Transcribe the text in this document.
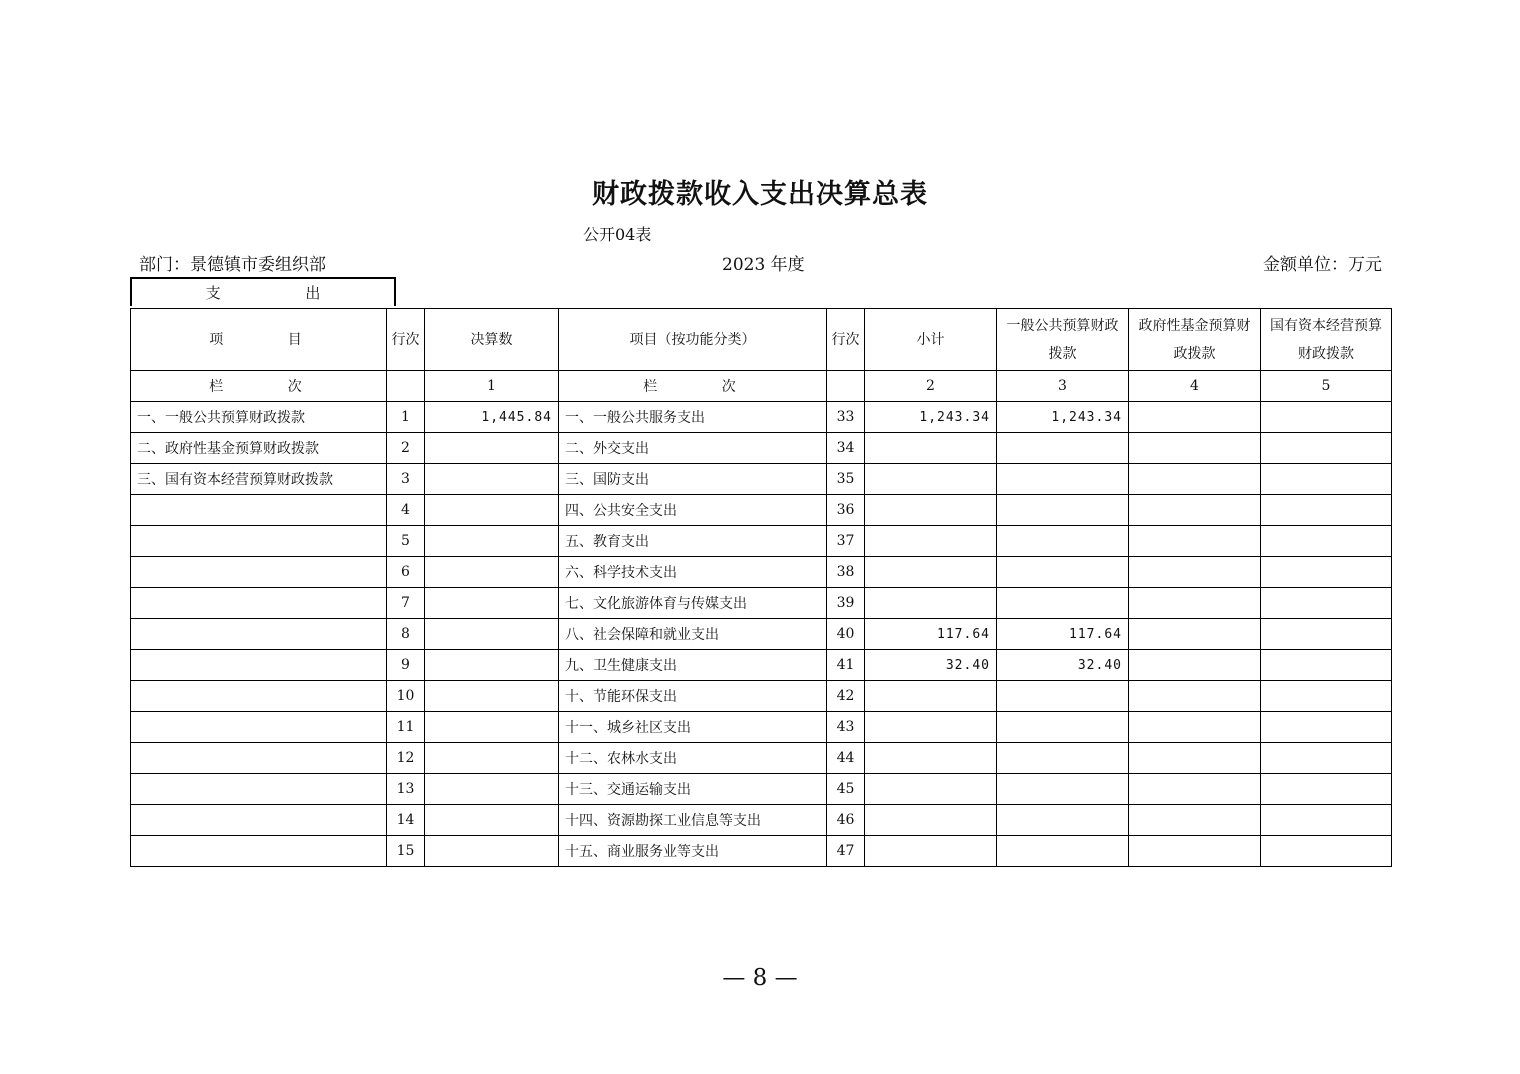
财政拨款收入支出决算总表
公开04表
部门：景德镇市委组织部	2023 年度	金额单位：万元
支 出
项 目	行次	决算数	项目（按功能分类）	行次	小计	一般公共预算财政拨款	政府性基金预算财政拨款	国有资本经营预算财政拨款
栏 次		1	栏 次		2	3	4	5
一、一般公共预算财政拨款	1	1,445.84	一、一般公共服务支出	33	1,243.34	1,243.34		
二、政府性基金预算财政拨款	2		二、外交支出	34				
三、国有资本经营预算财政拨款	3		三、国防支出	35				
	4		四、公共安全支出	36				
	5		五、教育支出	37				
	6		六、科学技术支出	38				
	7		七、文化旅游体育与传媒支出	39				
	8		八、社会保障和就业支出	40	117.64	117.64		
	9		九、卫生健康支出	41	32.40	32.40		
	10		十、节能环保支出	42				
	11		十一、城乡社区支出	43				
	12		十二、农林水支出	44				
	13		十三、交通运输支出	45				
	14		十四、资源勘探工业信息等支出	46				
	15		十五、商业服务业等支出	47				
— 8 —
